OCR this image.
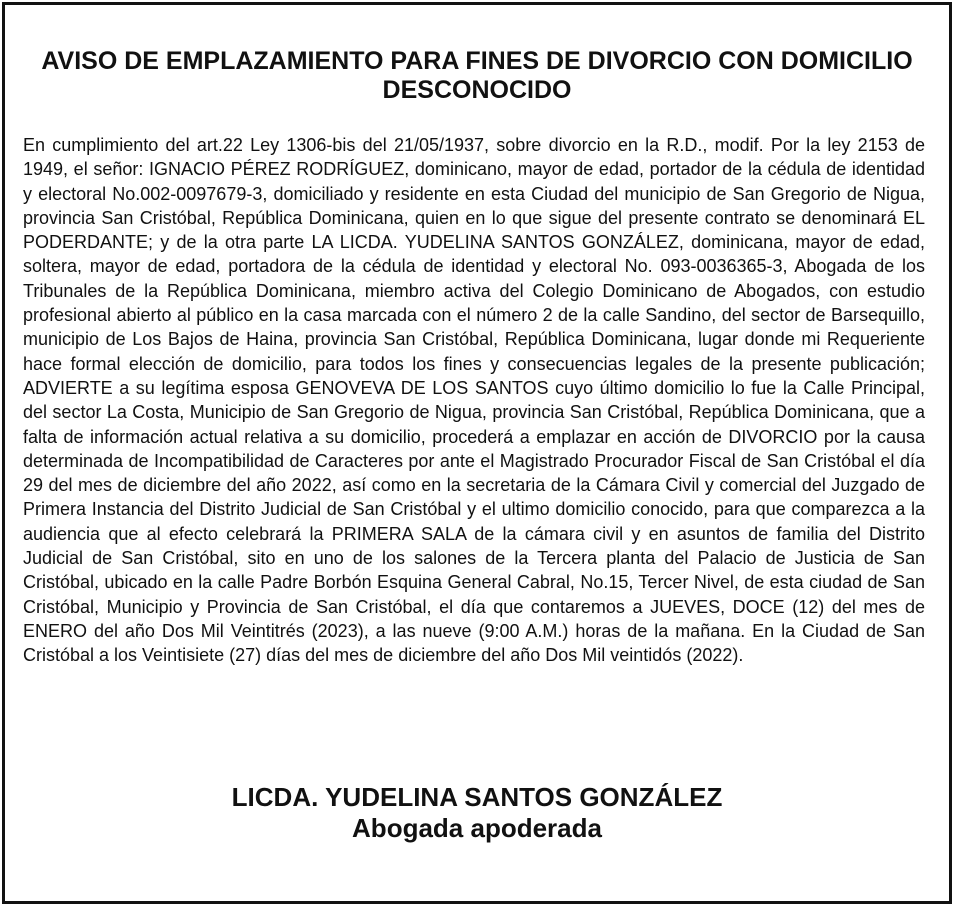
AVISO DE EMPLAZAMIENTO PARA FINES DE DIVORCIO CON DOMICILIO DESCONOCIDO

En cumplimiento del art.22 Ley 1306-bis del 21/05/1937, sobre divorcio en la R.D., modif. Por la ley 2153 de 1949, el señor: IGNACIO PÉREZ RODRÍGUEZ, dominicano, mayor de edad, portador de la cédula de identidad y electoral No.002-0097679-3, domiciliado y residente en esta Ciudad del municipio de San Gregorio de Nigua, provincia San Cristóbal, República Dominicana, quien en lo que sigue del presente contrato se denominará EL PODERDANTE; y de la otra parte LA LICDA. YUDELINA SANTOS GONZÁLEZ, dominicana, mayor de edad, soltera, mayor de edad, portadora de la cédula de identidad y electoral No. 093-0036365-3, Abogada de los Tribunales de la República Dominicana, miembro activa del Colegio Dominicano de Abogados, con estudio profesional abierto al público en la casa marcada con el número 2 de la calle Sandino, del sector de Barsequillo, municipio de Los Bajos de Haina, provincia San Cristóbal, República Dominicana, lugar donde mi Requeriente hace formal elección de domicilio, para todos los fines y consecuencias legales de la presente publicación; ADVIERTE a su legítima esposa GENOVEVA DE LOS SANTOS cuyo último domicilio lo fue la Calle Principal, del sector La Costa, Municipio de San Gregorio de Nigua, provincia San Cristóbal, República Dominicana, que a falta de información actual relativa a su domicilio, procederá a emplazar en acción de DIVORCIO por la causa determinada de Incompatibilidad de Caracteres por ante el Magistrado Procurador Fiscal de San Cristóbal el día 29 del mes de diciembre del año 2022, así como en la secretaria de la Cámara Civil y comercial del Juzgado de Primera Instancia del Distrito Judicial de San Cristóbal y el ultimo domicilio conocido, para que comparezca a la audiencia que al efecto celebrará la PRIMERA SALA de la cámara civil y en asuntos de familia del Distrito Judicial de San Cristóbal, sito en uno de los salones de la Tercera planta del Palacio de Justicia de San Cristóbal, ubicado en la calle Padre Borbón Esquina General Cabral, No.15, Tercer Nivel, de esta ciudad de San Cristóbal, Municipio y Provincia de San Cristóbal, el día que contaremos a JUEVES, DOCE (12) del mes de ENERO del año Dos Mil Veintitrés (2023), a las nueve (9:00 A.M.) horas de la mañana. En la Ciudad de San Cristóbal a los Veintisiete (27) días del mes de diciembre del año Dos Mil veintidós (2022).

LICDA. YUDELINA SANTOS GONZÁLEZ
Abogada apoderada
